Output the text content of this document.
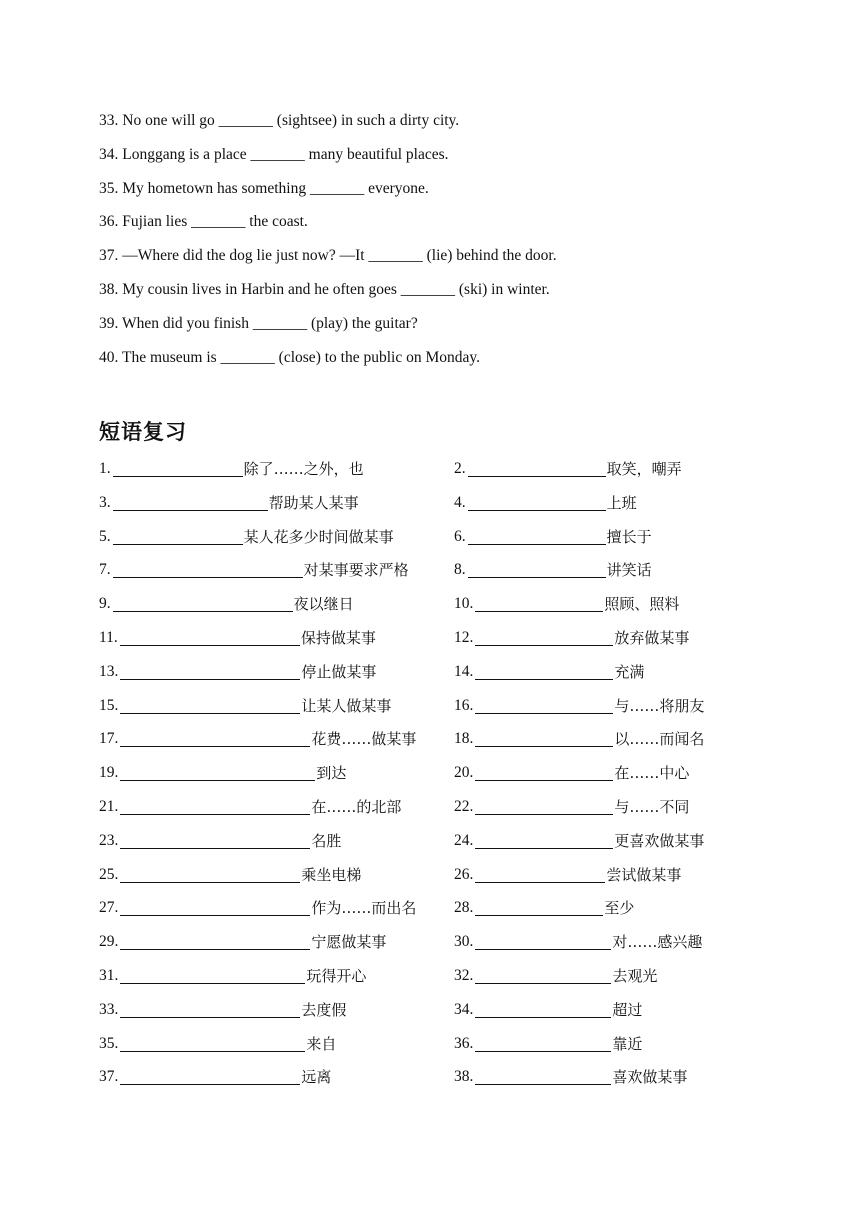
33. No one will go _______ (sightsee) in such a dirty city.
34. Longgang is a place _______ many beautiful places.
35. My hometown has something _______ everyone.
36. Fujian lies _______ the coast.
37. —Where did the dog lie just now? —It _______ (lie) behind the door.
38. My cousin lives in Harbin and he often goes _______ (ski) in winter.
39. When did you finish _______ (play) the guitar?
40. The museum is _______ (close) to the public on Monday.
短语复习
1.	除了……之外，也	2.	取笑，嘲弄
3.	帮助某人某事	4.	上班
5.	某人花多少时间做某事	6.	擅长于
7.	对某事要求严格	8.	讲笑话
9.	夜以继日	10.	照顾、照料
11.	保持做某事	12.	放弃做某事
13.	停止做某事	14.	充满
15.	让某人做某事	16.	与……将朋友
17.	花费……做某事 18.	以……而闻名
19.	到达	20.	在……中心
21.	在……的北部	22.	与……不同
23.	名胜	24.	更喜欢做某事
25.	乘坐电梯	26.	尝试做某事
27.	作为……而出名 28.	至少
29.	宁愿做某事	30.	对……感兴趣
31.	玩得开心	32.	去观光
33.	去度假	34.	超过
35.	来自	36.	靠近
37.	远离	38.	喜欢做某事
